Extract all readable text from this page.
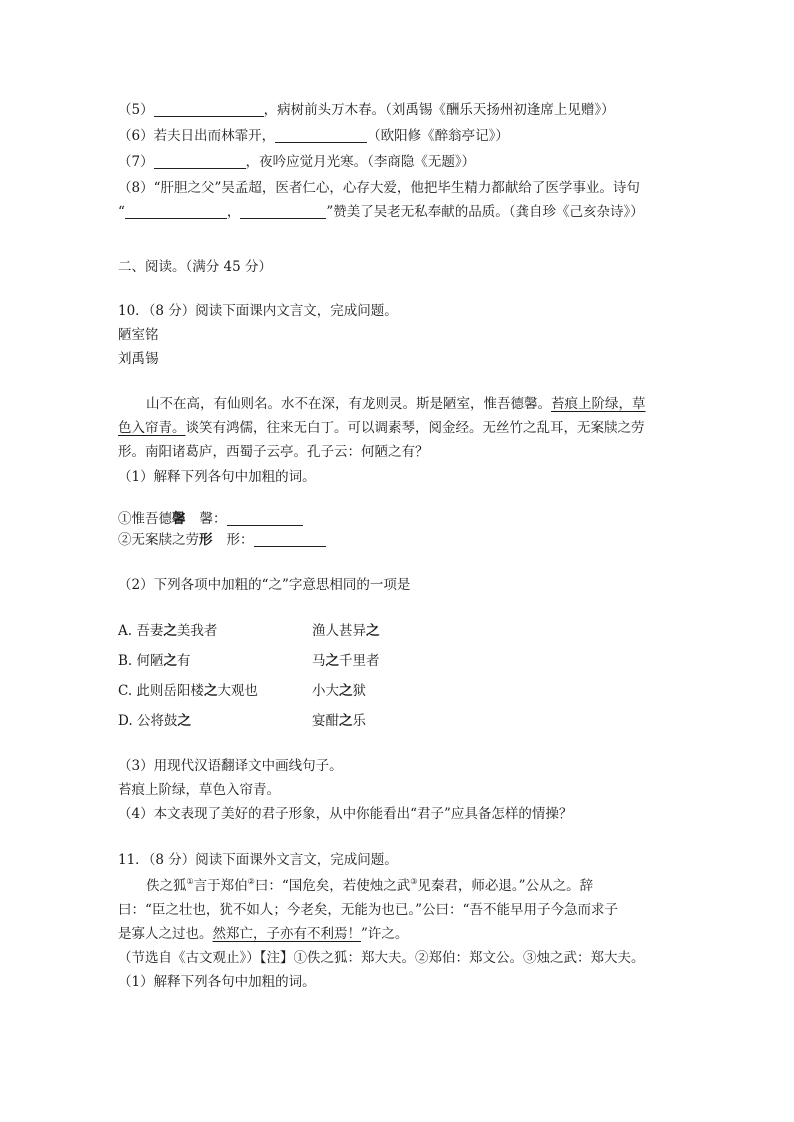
（5）	，病树前头万木春。（刘禹锡《酬乐天扬州初逢席上见赠》）
（6）若夫日出而林霏开，	（欧阳修《醉翁亭记》）
（7）	，夜吟应觉月光寒。（李商隐《无题》）
（8）“肝胆之父”吴孟超，医者仁心，心存大爱，他把毕生精力都献给了医学事业。诗句
“	，	”赞美了吴老无私奉献的品质。（龚自珍《己亥杂诗》）
二、阅读。（满分 45 分）
10．（8 分）阅读下面课内文言文，完成问题。
陋室铭
刘禹锡
山不在高，有仙则名。水不在深，有龙则灵。斯是陋室，惟吾德馨。苔痕上阶绿，草
色入帘青。谈笑有鸿儒，往来无白丁。可以调素琴，阅金经。无丝竹之乱耳，无案牍之劳
形。南阳诸葛庐，西蜀子云亭。孔子云：何陋之有？
（1）解释下列各句中加粗的词。
①惟吾德馨 馨：
②无案牍之劳形 形：
（2）下列各项中加粗的“之”字意思相同的一项是
A. 吾妻之美我者	渔人甚异之
B. 何陋之有	马之千里者
C. 此则岳阳楼之大观也	小大之狱
D. 公将鼓之	宴酣之乐
（3）用现代汉语翻译文中画线句子。
苔痕上阶绿，草色入帘青。
（4）本文表现了美好的君子形象，从中你能看出“君子”应具备怎样的情操？
11．（8 分）阅读下面课外文言文，完成问题。
佚之狐①言于郑伯②曰：“国危矣，若使烛之武③见秦君，师必退。”公从之。辞
曰：“臣之壮也，犹不如人；今老矣，无能为也已。”公曰：“吾不能早用子今急而求子
是寡人之过也。然郑亡，子亦有不利焉！”许之。
（节选自《古文观止》）【注】①佚之狐：郑大夫。②郑伯：郑文公。③烛之武：郑大夫。
（1）解释下列各句中加粗的词。
